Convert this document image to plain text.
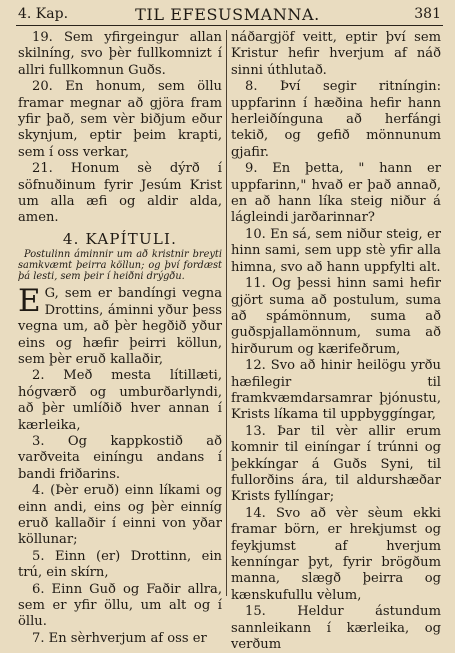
4. Kap.	TIL EFESUSMANNA.	381

19. Sem yfirgeingur allan skilníng, svo þèr fullkomnizt í allri fullkomnun Guðs.

20. En honum, sem öllu framar megnar að gjöra fram yfir það, sem vèr biðjum eður skynjum, eptir þeim krapti, sem í oss verkar,

21. Honum sè dýrð í söfnuðinum fyrir Jesúm Krist um alla æfi og aldir alda, amen.

4. KAPÍTULI.
Postulinn áminnir um að kristnir breyti samkvæmt þeirra köllun; og því fordæst þá lesti, sem þeir í heiðni drýgðu.

E G, sem er bandíngi vegna Drottins, áminni yður þess vegna um, að þèr hegðið yður eins og hæfir þeirri köllun, sem þèr eruð kallaðir,

2. Með mesta lítillæti, hógværð og umburðarlyndi, að þèr umlíðið hver annan í kærleika,

3. Og kappkostið að varðveita einíngu andans í bandi friðarins.

4. (Þèr eruð) einn líkami og einn andi, eins og þèr einníg eruð kallaðir í einni von yðar köllunar;

5. Einn (er) Drottinn, ein trú, ein skírn,

6. Einn Guð og Faðir allra, sem er yfir öllu, um alt og í öllu.

7. En sèrhverjum af oss er

náðargjöf veitt, eptir því sem Kristur hefir hverjum af náð sinni úthlutað.

8. Því segir ritníngin: uppfarinn í hæðina hefir hann herleiðínguna að herfángi tekið, og gefið mönnunum gjafir.

9. En þetta, " hann er uppfarinn," hvað er það annað, en að hann líka steig niður á lágleindi jarðarinnar?

10. En sá, sem niður steig, er hinn sami, sem upp stè yfir alla himna, svo að hann uppfylti alt.

11. Og þessi hinn sami hefir gjört suma að postulum, suma að spámönnum, suma að guðspjallamönnum, suma að hirðurum og kærifeðrum,

12. Svo að hinir heilögu yrðu hæfilegir til framkvæmdarsamrar þjónustu, Krists líkama til uppbyggíngar,

13. Þar til vèr allir erum komnir til einíngar í trúnni og þekkíngar á Guðs Syni, til fullorðins ára, til aldurshæðar Krists fyllíngar;

14. Svo að vèr sèum ekki framar börn, er hrekjumst og feykjumst af hverjum kenníngar þyt, fyrir brögðum manna, slægð þeirra og kænskufullu vèlum,

15. Heldur ástundum sannleikann í kærleika, og verðum
